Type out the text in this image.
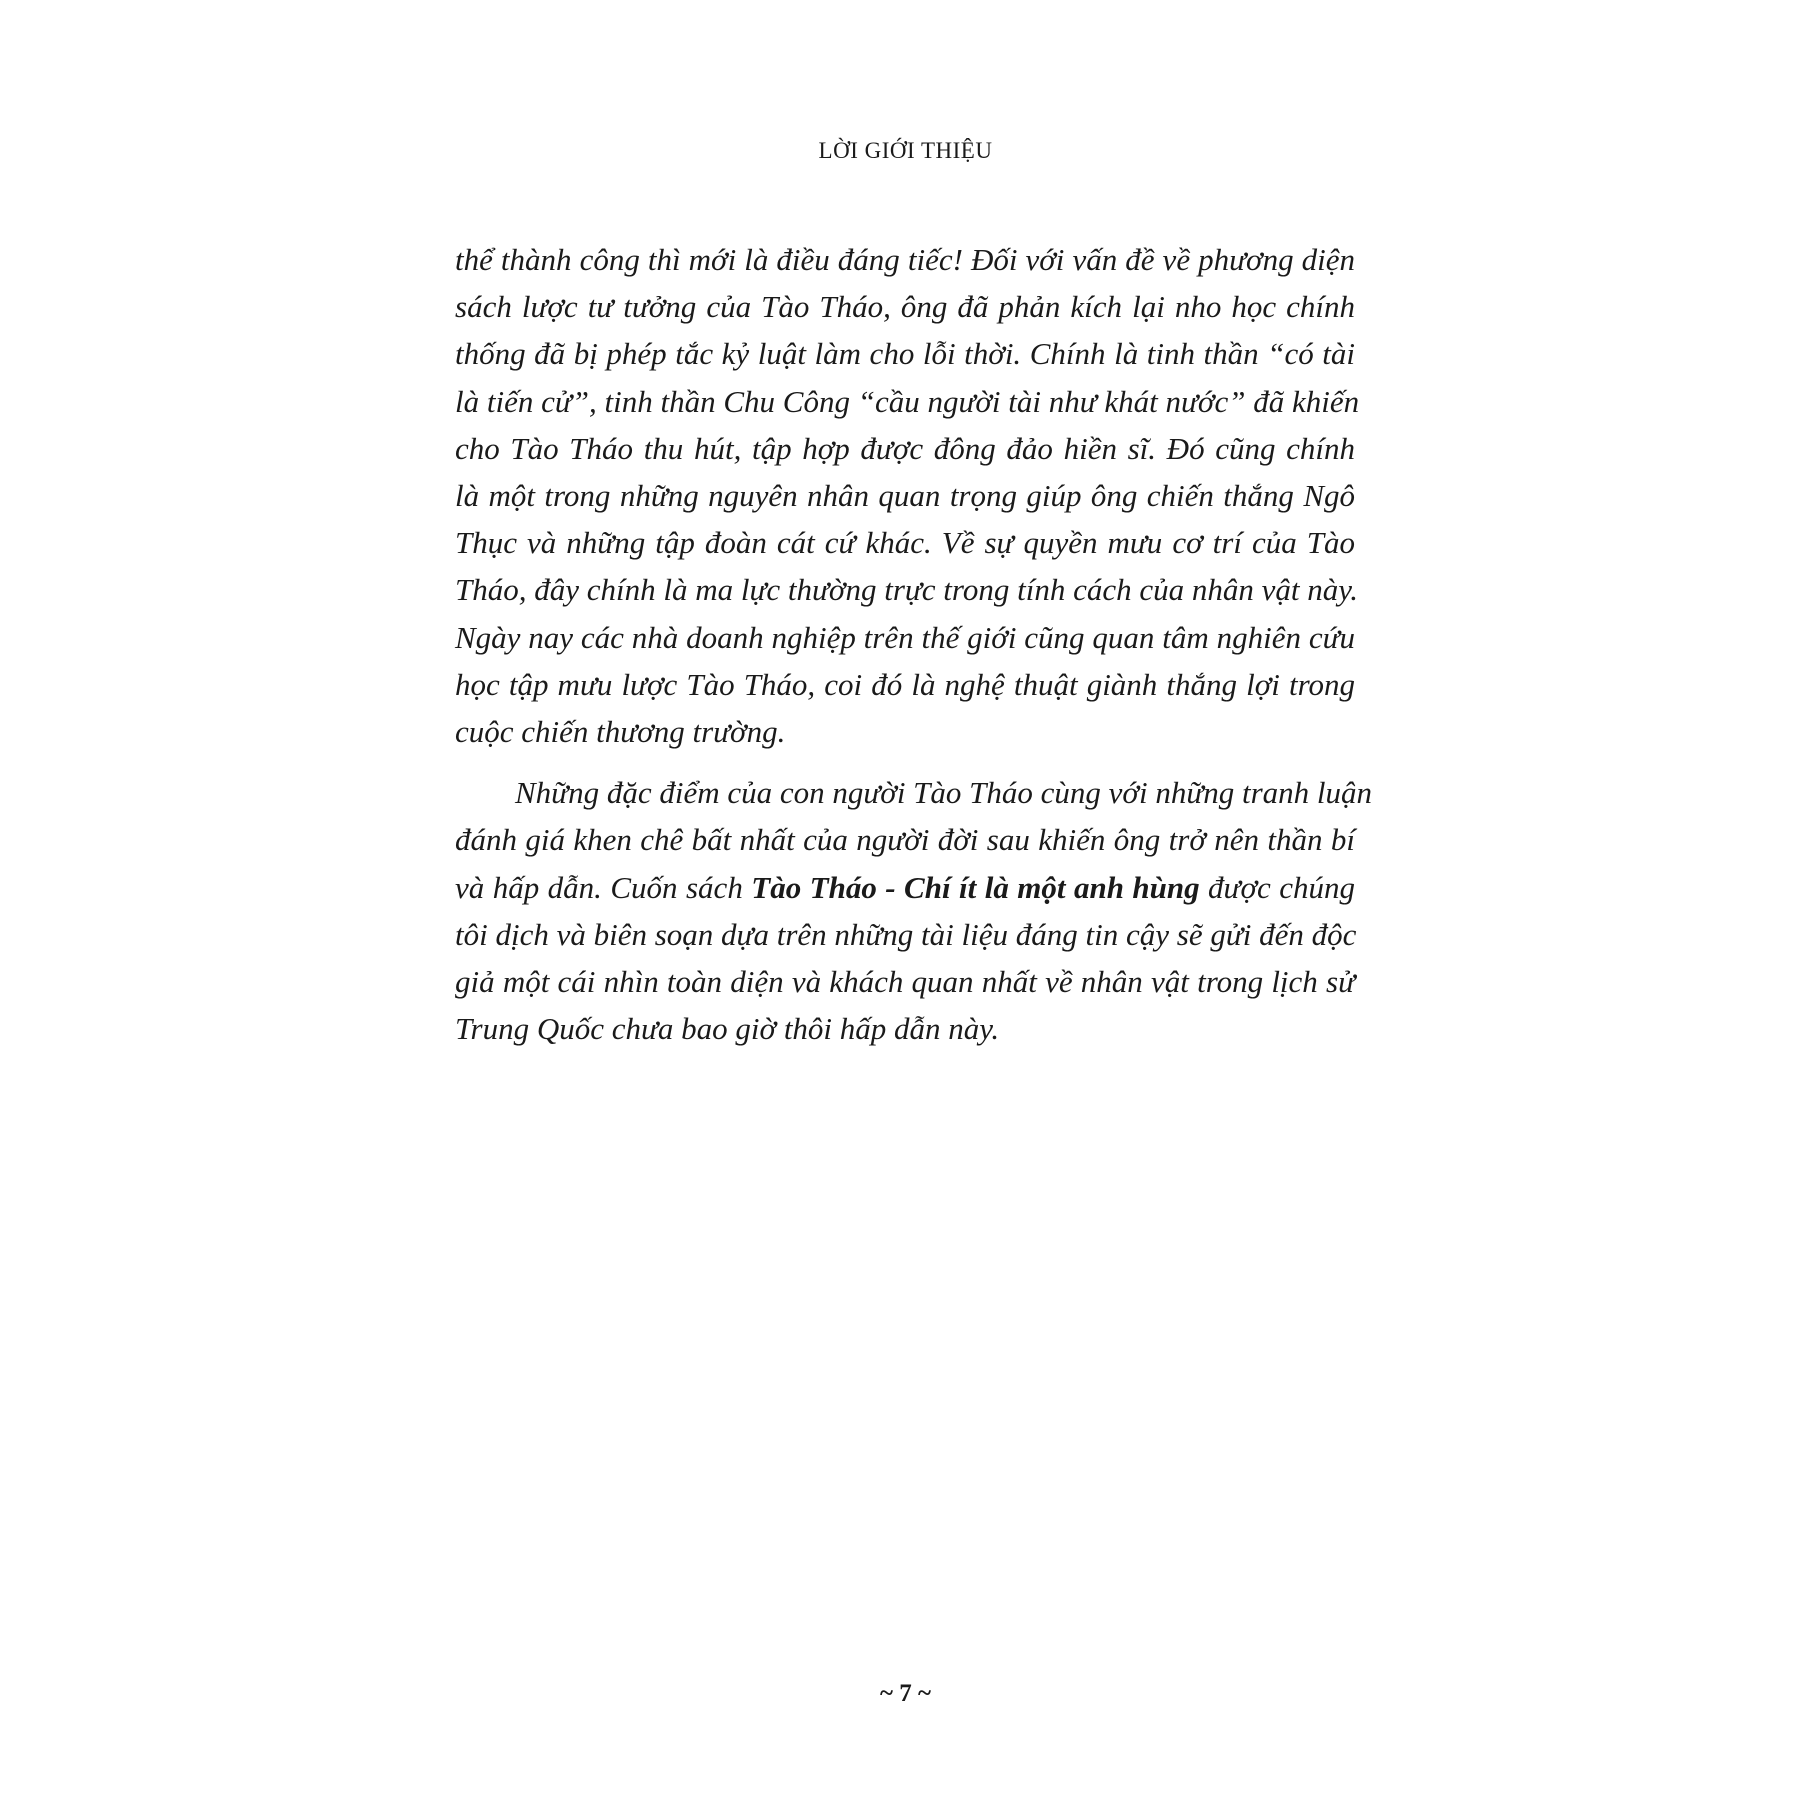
LỜI GIỚI THIỆU
thể thành công thì mới là điều đáng tiếc! Đối với vấn đề về phương diện
sách lược tư tưởng của Tào Tháo, ông đã phản kích lại nho học chính
thống đã bị phép tắc kỷ luật làm cho lỗi thời. Chính là tinh thần “có tài
là tiến cử”, tinh thần Chu Công “cầu người tài như khát nước” đã khiến
cho Tào Tháo thu hút, tập hợp được đông đảo hiền sĩ. Đó cũng chính
là một trong những nguyên nhân quan trọng giúp ông chiến thắng Ngô
Thục và những tập đoàn cát cứ khác. Về sự quyền mưu cơ trí của Tào
Tháo, đây chính là ma lực thường trực trong tính cách của nhân vật này.
Ngày nay các nhà doanh nghiệp trên thế giới cũng quan tâm nghiên cứu
học tập mưu lược Tào Tháo, coi đó là nghệ thuật giành thắng lợi trong
cuộc chiến thương trường.
Những đặc điểm của con người Tào Tháo cùng với những tranh luận
đánh giá khen chê bất nhất của người đời sau khiến ông trở nên thần bí
và hấp dẫn. Cuốn sách Tào Tháo - Chí ít là một anh hùng được chúng
tôi dịch và biên soạn dựa trên những tài liệu đáng tin cậy sẽ gửi đến độc
giả một cái nhìn toàn diện và khách quan nhất về nhân vật trong lịch sử
Trung Quốc chưa bao giờ thôi hấp dẫn này.
~ 7 ~
